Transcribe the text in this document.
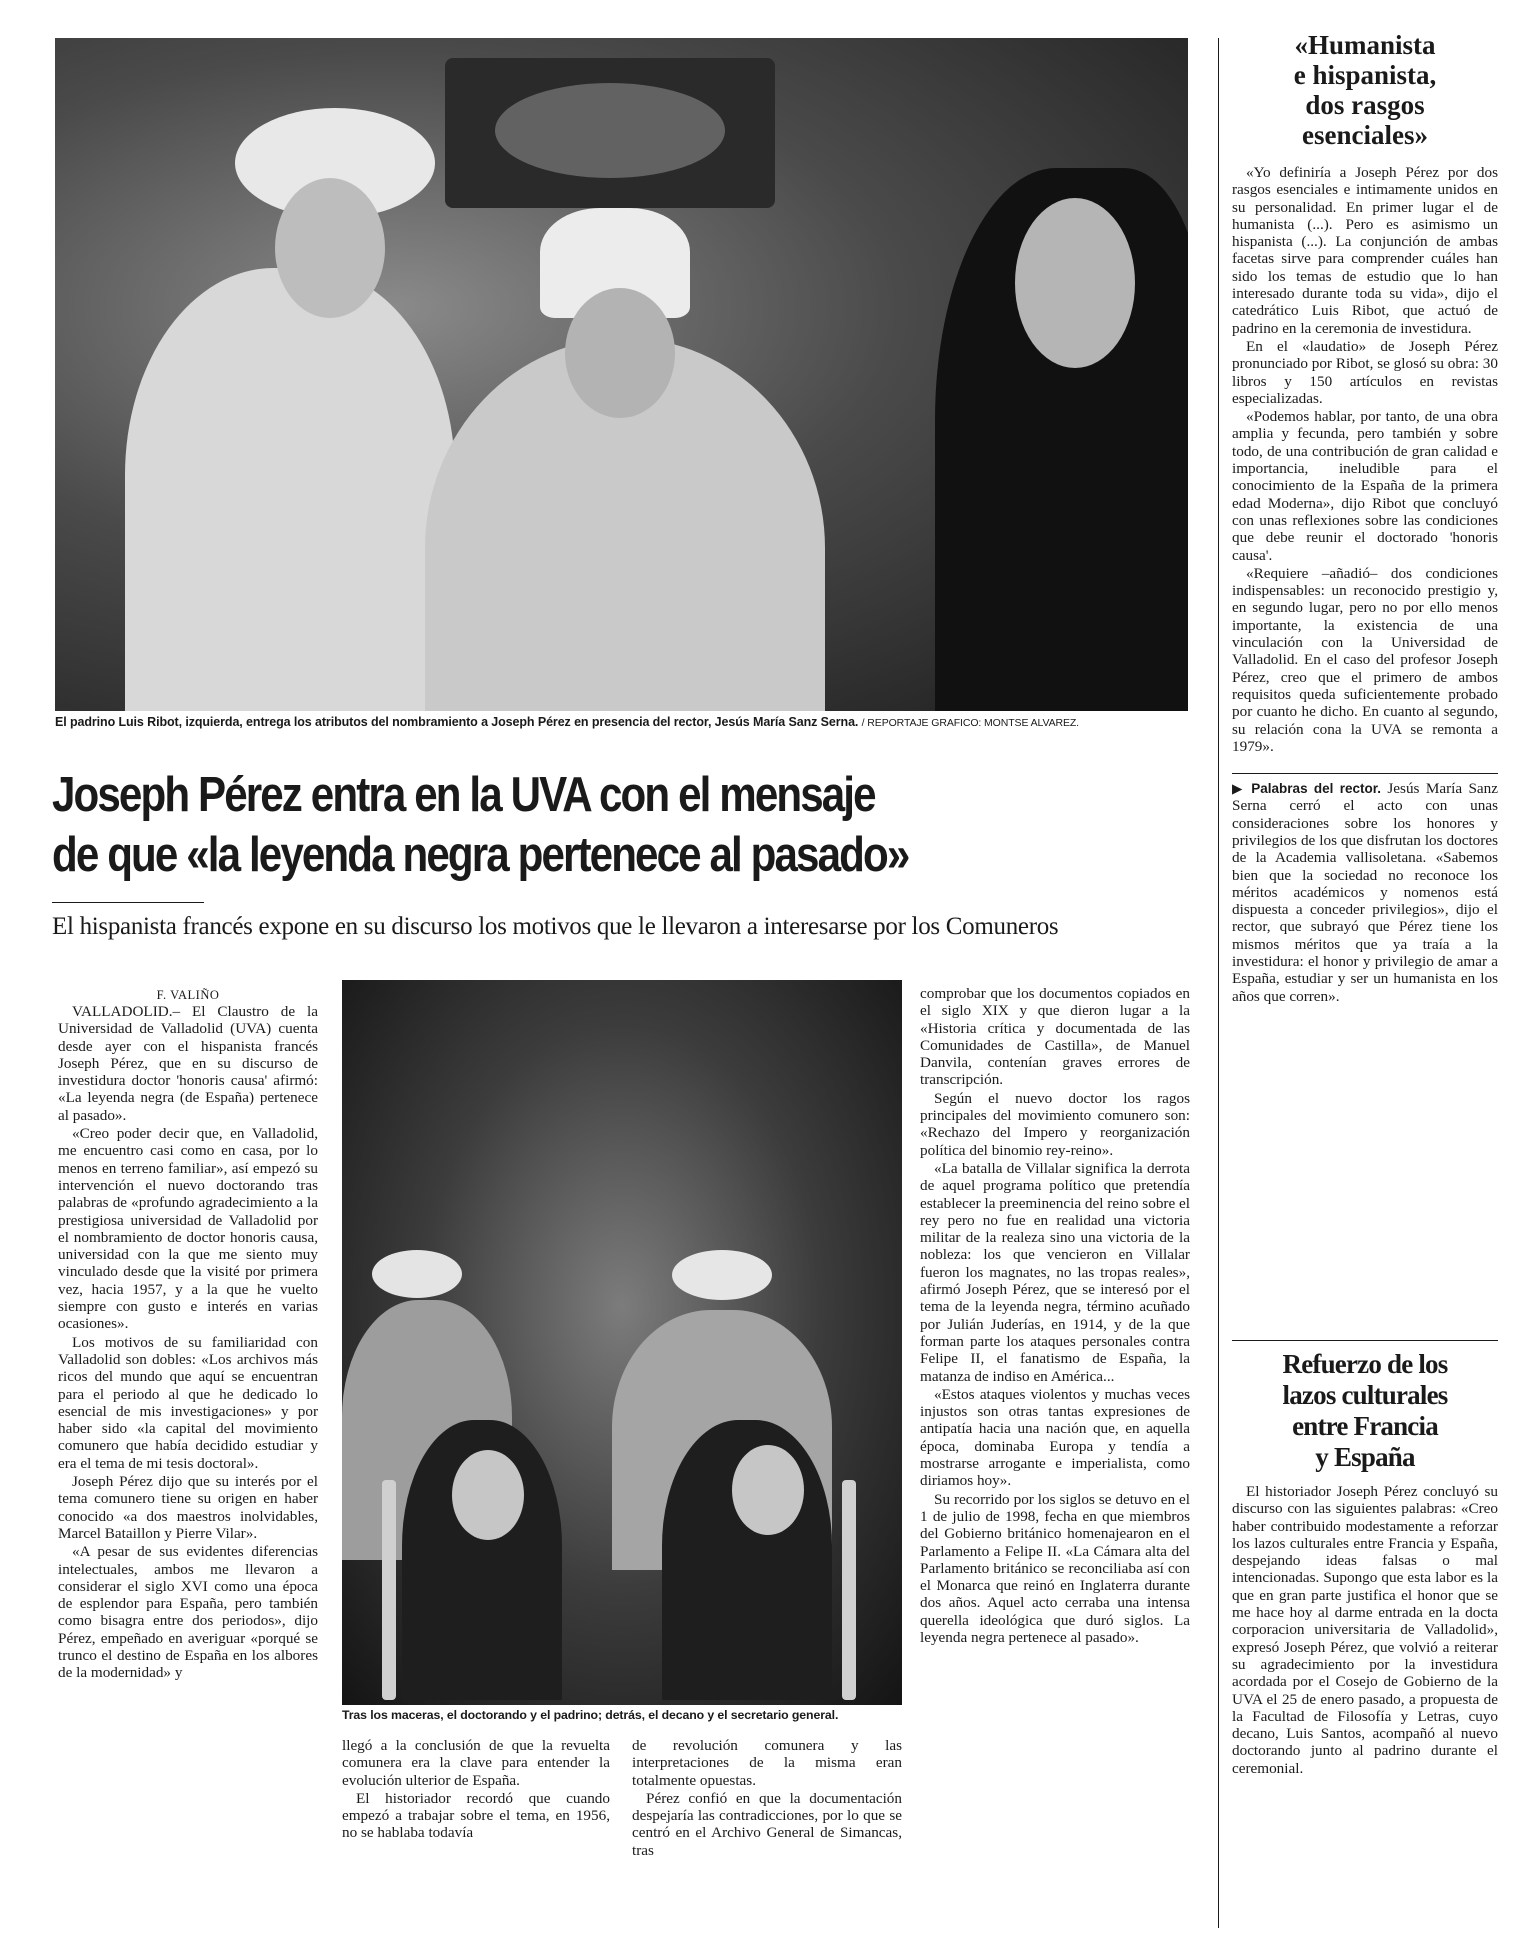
El padrino Luis Ribot, izquierda, entrega los atributos del nombramiento a Joseph Pérez en presencia del rector, Jesús María Sanz Serna. / REPORTAJE GRAFICO: MONTSE ALVAREZ.
Joseph Pérez entra en la UVA con el mensaje
de que «la leyenda negra pertenece al pasado»
El hispanista francés expone en su discurso los motivos que le llevaron a interesarse por los Comuneros
F. VALIÑO

VALLADOLID.– El Claustro de la Universidad de Valladolid (UVA) cuenta desde ayer con el hispanista francés Joseph Pérez, que en su discurso de investidura doctor 'honoris causa' afirmó: «La leyenda negra (de España) pertenece al pasado».

«Creo poder decir que, en Valladolid, me encuentro casi como en casa, por lo menos en terreno familiar», así empezó su intervención el nuevo doctorando tras palabras de «profundo agradecimiento a la prestigiosa universidad de Valladolid por el nombramiento de doctor honoris causa, universidad con la que me siento muy vinculado desde que la visité por primera vez, hacia 1957, y a la que he vuelto siempre con gusto e interés en varias ocasiones».

Los motivos de su familiaridad con Valladolid son dobles: «Los archivos más ricos del mundo que aquí se encuentran para el periodo al que he dedicado lo esencial de mis investigaciones» y por haber sido «la capital del movimiento comunero que había decidido estudiar y era el tema de mi tesis doctoral».

Joseph Pérez dijo que su interés por el tema comunero tiene su origen en haber conocido «a dos maestros inolvidables, Marcel Bataillon y Pierre Vilar».

«A pesar de sus evidentes diferencias intelectuales, ambos me llevaron a considerar el siglo XVI como una época de esplendor para España, pero también como bisagra entre dos periodos», dijo Pérez, empeñado en averiguar «porqué se trunco el destino de España en los albores de la modernidad» y

Tras los maceras, el doctorando y el padrino; detrás, el decano y el secretario general.

llegó a la conclusión de que la revuelta comunera era la clave para entender la evolución ulterior de España.

El historiador recordó que cuando empezó a trabajar sobre el tema, en 1956, no se hablaba todavía

de revolución comunera y las interpretaciones de la misma eran totalmente opuestas.

Pérez confió en que la documentación despejaría las contradicciones, por lo que se centró en el Archivo General de Simancas, tras

comprobar que los documentos copiados en el siglo XIX y que dieron lugar a la «Historia crítica y documentada de las Comunidades de Castilla», de Manuel Danvila, contenían graves errores de transcripción.

Según el nuevo doctor los ragos principales del movimiento comunero son: «Rechazo del Impero y reorganización política del binomio rey-reino».

«La batalla de Villalar significa la derrota de aquel programa político que pretendía establecer la preeminencia del reino sobre el rey pero no fue en realidad una victoria militar de la realeza sino una victoria de la nobleza: los que vencieron en Villalar fueron los magnates, no las tropas reales», afirmó Joseph Pérez, que se interesó por el tema de la leyenda negra, término acuñado por Julián Juderías, en 1914, y de la que forman parte los ataques personales contra Felipe II, el fanatismo de España, la matanza de indiso en América...

«Estos ataques violentos y muchas veces injustos son otras tantas expresiones de antipatía hacia una nación que, en aquella época, dominaba Europa y tendía a mostrarse arrogante e imperialista, como diriamos hoy».

Su recorrido por los siglos se detuvo en el 1 de julio de 1998, fecha en que miembros del Gobierno británico homenajearon en el Parlamento a Felipe II. «La Cámara alta del Parlamento británico se reconciliaba así con el Monarca que reinó en Inglaterra durante dos años. Aquel acto cerraba una intensa querella ideológica que duró siglos. La leyenda negra pertenece al pasado».

«Humanista
e hispanista,
dos rasgos
esenciales»

«Yo definiría a Joseph Pérez por dos rasgos esenciales e intimamente unidos en su personalidad. En primer lugar el de humanista (...). Pero es asimismo un hispanista (...). La conjunción de ambas facetas sirve para comprender cuáles han sido los temas de estudio que lo han interesado durante toda su vida», dijo el catedrático Luis Ribot, que actuó de padrino en la ceremonia de investidura.

En el «laudatio» de Joseph Pérez pronunciado por Ribot, se glosó su obra: 30 libros y 150 artículos en revistas especializadas.

«Podemos hablar, por tanto, de una obra amplia y fecunda, pero también y sobre todo, de una contribución de gran calidad e importancia, ineludible para el conocimiento de la España de la primera edad Moderna», dijo Ribot que concluyó con unas reflexiones sobre las condiciones que debe reunir el doctorado 'honoris causa'.

«Requiere –añadió– dos condiciones indispensables: un reconocido prestigio y, en segundo lugar, pero no por ello menos importante, la existencia de una vinculación con la Universidad de Valladolid. En el caso del profesor Joseph Pérez, creo que el primero de ambos requisitos queda suficientemente probado por cuanto he dicho. En cuanto al segundo, su relación cona la UVA se remonta a 1979».

▶ Palabras del rector. Jesús María Sanz Serna cerró el acto con unas consideraciones sobre los honores y privilegios de los que disfrutan los doctores de la Academia vallisoletana. «Sabemos bien que la sociedad no reconoce los méritos académicos y nomenos está dispuesta a conceder privilegios», dijo el rector, que subrayó que Pérez tiene los mismos méritos que ya traía a la investidura: el honor y privilegio de amar a España, estudiar y ser un humanista en los años que corren».

Refuerzo de los
lazos culturales
entre Francia
y España

El historiador Joseph Pérez concluyó su discurso con las siguientes palabras: «Creo haber contribuido modestamente a reforzar los lazos culturales entre Francia y España, despejando ideas falsas o mal intencionadas. Supongo que esta labor es la que en gran parte justifica el honor que se me hace hoy al darme entrada en la docta corporacion universitaria de Valladolid», expresó Joseph Pérez, que volvió a reiterar su agradecimiento por la investidura acordada por el Cosejo de Gobierno de la UVA el 25 de enero pasado, a propuesta de la Facultad de Filosofía y Letras, cuyo decano, Luis Santos, acompañó al nuevo doctorando junto al padrino durante el ceremonial.
